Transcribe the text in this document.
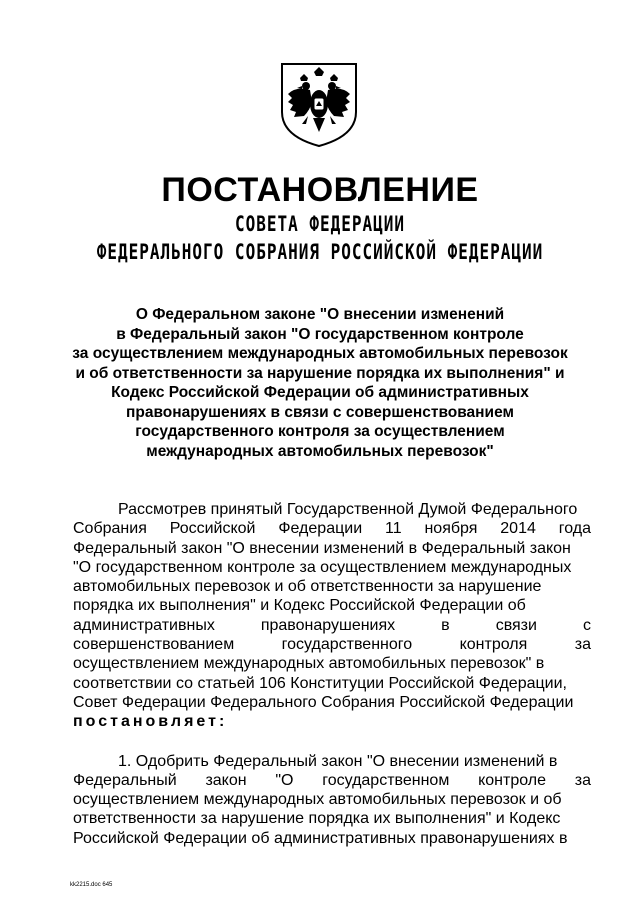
ПОСТАНОВЛЕНИЕ
СОВЕТА ФЕДЕРАЦИИ
ФЕДЕРАЛЬНОГО СОБРАНИЯ РОССИЙСКОЙ ФЕДЕРАЦИИ
О Федеральном законе "О внесении изменений
в Федеральный закон "О государственном контроле
за осуществлением международных автомобильных перевозок
и об ответственности за нарушение порядка их выполнения" и
Кодекс Российской Федерации об административных
правонарушениях в связи с совершенствованием
государственного контроля за осуществлением
международных автомобильных перевозок"
Рассмотрев принятый Государственной Думой Федерального
Собрания Российской Федерации 11 ноября 2014 года
Федеральный закон "О внесении изменений в Федеральный закон
"О государственном контроле за осуществлением международных
автомобильных перевозок и об ответственности за нарушение
порядка их выполнения" и Кодекс Российской Федерации об
административных	правонарушениях	в	связи	с
совершенствованием	государственного	контроля	за
осуществлением международных автомобильных перевозок" в
соответствии со статьей 106 Конституции Российской Федерации,
Совет Федерации Федерального Собрания Российской Федерации
постановляет:
1. Одобрить Федеральный закон "О внесении изменений в
Федеральный закон "О государственном контроле за
осуществлением международных автомобильных перевозок и об
ответственности за нарушение порядка их выполнения" и Кодекс
Российской Федерации об административных правонарушениях в
kk2215.doc 645
